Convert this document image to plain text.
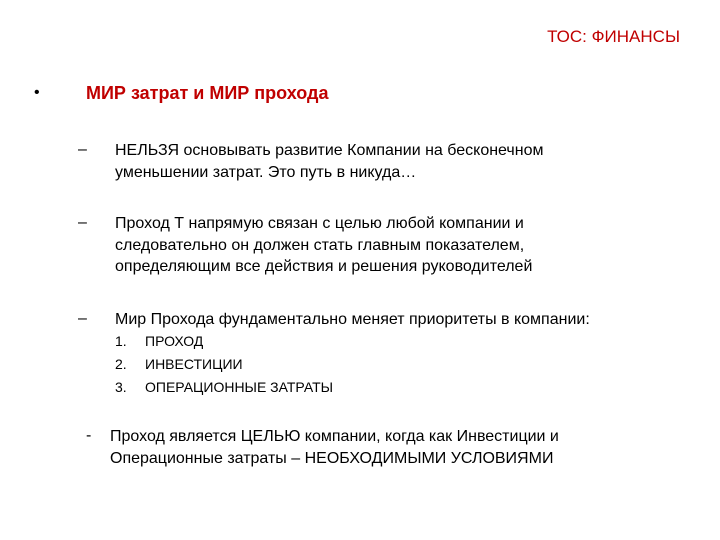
ТОС: ФИНАНСЫ
•	МИР затрат и МИР прохода
– НЕЛЬЗЯ основывать развитие Компании на бесконечном
уменьшении затрат. Это путь в никуда…
– Проход Т напрямую связан с целью любой компании и
следовательно он должен стать главным показателем,
определяющим все действия и решения руководителей
– Мир Прохода фундаментально меняет приоритеты в компании:
1. ПРОХОД
2. ИНВЕСТИЦИИ
3. ОПЕРАЦИОННЫЕ ЗАТРАТЫ
- Проход является ЦЕЛЬЮ компании, когда как Инвестиции и
Операционные затраты – НЕОБХОДИМЫМИ УСЛОВИЯМИ
